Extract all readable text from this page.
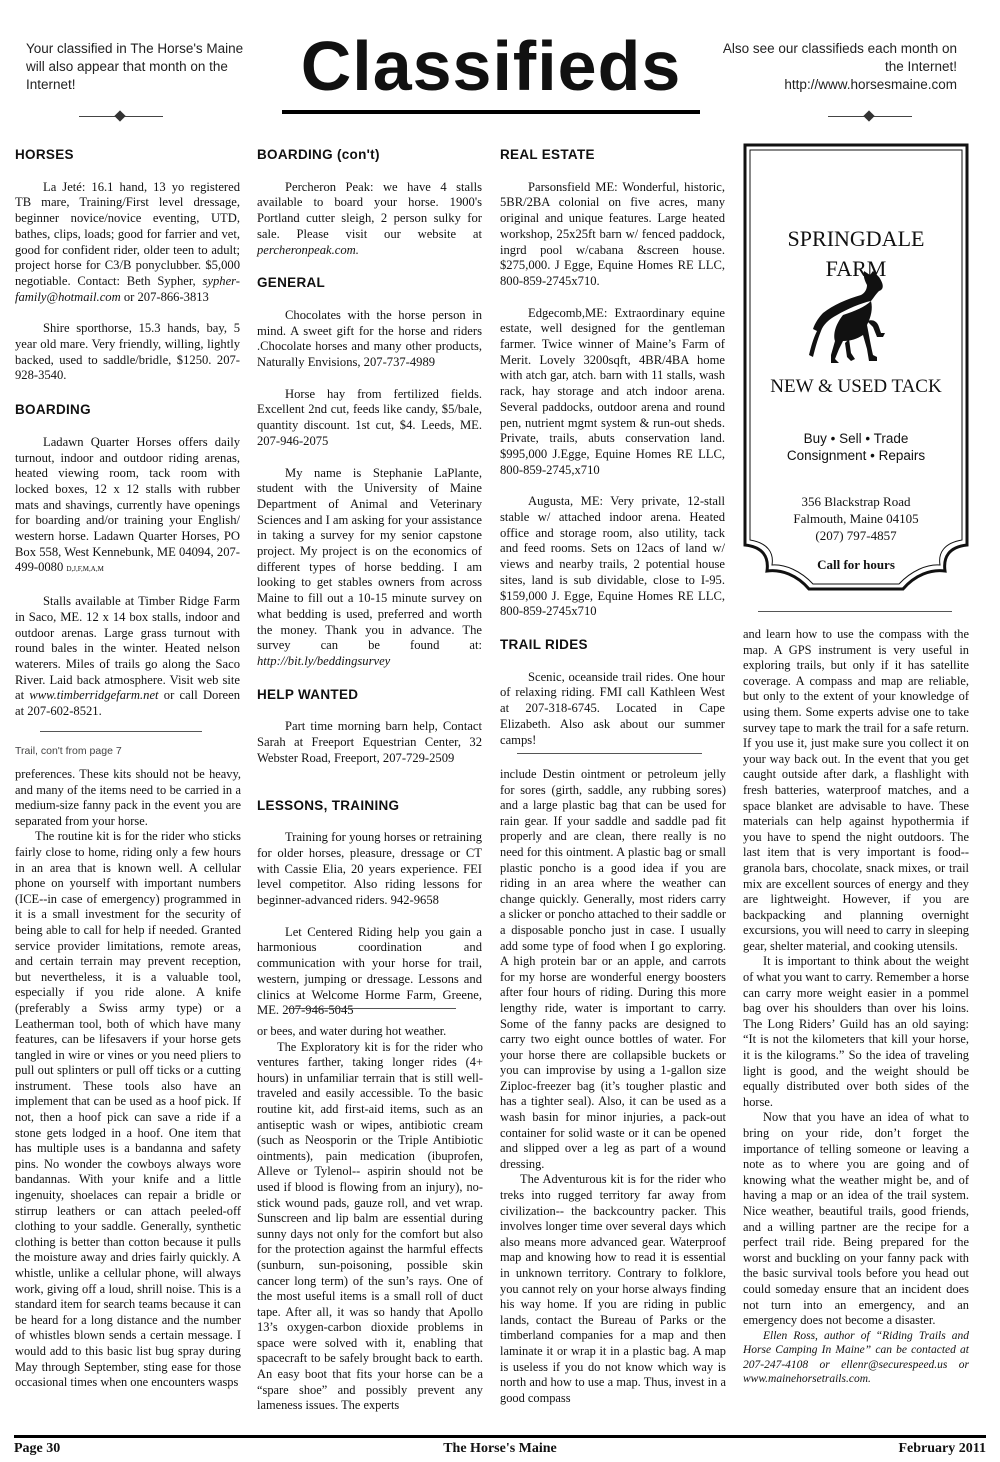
Your classified in The Horse's Maine will also appear that month on the Internet!	Classifieds	Also see our classifieds each month on the Internet!
http://www.horsesmaine.com
HORSES

La Jeté: 16.1 hand, 13 yo registered TB mare, Training/First level dressage, beginner novice/novice eventing, UTD, bathes, clips, loads; good for farrier and vet, good for confident rider, older teen to adult; project horse for C3/B ponyclubber. $5,000 negotiable. Contact: Beth Sypher, sypher-family@hotmail.com or 207-866-3813

Shire sporthorse, 15.3 hands, bay, 5 year old mare. Very friendly, willing, lightly backed, used to saddle/bridle, $1250. 207-928-3540.

BOARDING

Ladawn Quarter Horses offers daily turnout, indoor and outdoor riding arenas, heated viewing room, tack room with locked boxes, 12 x 12 stalls with rubber mats and shavings, currently have openings for boarding and/or training your English/ western horse. Ladawn Quarter Horses, PO Box 558, West Kennebunk, ME 04094, 207-499-0080 D,J,F,M,A,M

Stalls available at Timber Ridge Farm in Saco, ME. 12 x 14 box stalls, indoor and outdoor arenas. Large grass turnout with round bales in the winter. Heated nelson waterers. Miles of trails go along the Saco River. Laid back atmosphere. Visit web site at www.timberridgefarm.net or call Doreen at 207-602-8521.

Trail, con't from page 7
BOARDING (con't)

Percheron Peak: we have 4 stalls available to board your horse. 1900's Portland cutter sleigh, 2 person sulky for sale. Please visit our website at percheronpeak.com.

GENERAL

Chocolates with the horse person in mind. A sweet gift for the horse and riders .Chocolate horses and many other products, Naturally Envisions, 207-737-4989

Horse hay from fertilized fields. Excellent 2nd cut, feeds like candy, $5/bale, quantity discount. 1st cut, $4. Leeds, ME. 207-946-2075

My name is Stephanie LaPlante, student with the University of Maine Department of Animal and Veterinary Sciences and I am asking for your assistance in taking a survey for my senior capstone project. My project is on the economics of different types of horse bedding. I am looking to get stables owners from across Maine to fill out a 10-15 minute survey on what bedding is used, preferred and worth the money. Thank you in advance. The survey can be found at: http://bit.ly/beddingsurvey

HELP WANTED

Part time morning barn help, Contact Sarah at Freeport Equestrian Center, 32 Webster Road, Freeport, 207-729-2509

LESSONS, TRAINING

Training for young horses or retraining for older horses, pleasure, dressage or CT with Cassie Elia, 20 years experience. FEI level competitor. Also riding lessons for beginner-advanced riders. 942-9658

Let Centered Riding help you gain a harmonious coordination and communication with your horse for trail, western, jumping or dressage. Lessons and clinics at Welcome Horme Farm, Greene, ME. 207-946-5045

REAL ESTATE

Parsonsfield ME: Wonderful, historic, 5BR/2BA colonial on five acres, many original and unique features. Large heated workshop, 25x25ft barn w/ fenced paddock, ingrd pool w/cabana &screen house. $275,000. J Egge, Equine Homes RE LLC, 800-859-2745x710.

Edgecomb,ME: Extraordinary equine estate, well designed for the gentleman farmer. Twice winner of Maine’s Farm of Merit. Lovely 3200sqft, 4BR/4BA home with atch gar, atch. barn with 11 stalls, wash rack, hay storage and atch indoor arena. Several paddocks, outdoor arena and round pen, nutrient mgmt system & run-out sheds. Private, trails, abuts conservation land. $995,000 J.Egge, Equine Homes RE LLC, 800-859-2745,x710

Augusta, ME: Very private, 12-stall stable w/ attached indoor arena. Heated office and storage room, also utility, tack and feed rooms. Sets on 12acs of land w/ views and nearby trails, 2 potential house sites, land is sub dividable, close to I-95. $159,000 J. Egge, Equine Homes RE LLC, 800-859-2745x710

TRAIL RIDES

Scenic, oceanside trail rides. One hour of relaxing riding. FMI call Kathleen West at 207-318-6745. Located in Cape Elizabeth. Also ask about our summer camps!

SPRINGDALE
FARM
NEW & USED TACK
Buy • Sell • Trade
Consignment • Repairs
356 Blackstrap Road
Falmouth, Maine 04105
(207) 797-4857
Call for hours

preferences. These kits should not be heavy, and many of the items need to be carried in a medium-size fanny pack in the event you are separated from your horse.

The routine kit is for the rider who sticks fairly close to home, riding only a few hours in an area that is known well. A cellular phone on yourself with important numbers (ICE--in case of emergency) programmed in it is a small investment for the security of being able to call for help if needed. Granted service provider limitations, remote areas, and certain terrain may prevent reception, but nevertheless, it is a valuable tool, especially if you ride alone. A knife (preferably a Swiss army type) or a Leatherman tool, both of which have many features, can be lifesavers if your horse gets tangled in wire or vines or you need pliers to pull out splinters or pull off ticks or a cutting instrument. These tools also have an implement that can be used as a hoof pick. If not, then a hoof pick can save a ride if a stone gets lodged in a hoof. One item that has multiple uses is a bandanna and safety pins. No wonder the cowboys always wore bandannas. With your knife and a little ingenuity, shoelaces can repair a bridle or stirrup leathers or can attach peeled-off clothing to your saddle. Generally, synthetic clothing is better than cotton because it pulls the moisture away and dries fairly quickly. A whistle, unlike a cellular phone, will always work, giving off a loud, shrill noise. This is a standard item for search teams because it can be heard for a long distance and the number of whistles blown sends a certain message. I would add to this basic list bug spray during May through September, sting ease for those occasional times when one encounters wasps

or bees, and water during hot weather.

The Exploratory kit is for the rider who ventures farther, taking longer rides (4+ hours) in unfamiliar terrain that is still well-traveled and easily accessible. To the basic routine kit, add first-aid items, such as an antiseptic wash or wipes, antibiotic cream (such as Neosporin or the Triple Antibiotic ointments), pain medication (ibuprofen, Alleve or Tylenol-- aspirin should not be used if blood is flowing from an injury), no-stick wound pads, gauze roll, and vet wrap. Sunscreen and lip balm are essential during sunny days not only for the comfort but also for the protection against the harmful effects (sunburn, sun-poisoning, possible skin cancer long term) of the sun’s rays. One of the most useful items is a small roll of duct tape. After all, it was so handy that Apollo 13’s oxygen-carbon dioxide problems in space were solved with it, enabling that spacecraft to be safely brought back to earth. An easy boot that fits your horse can be a “spare shoe” and possibly prevent any lameness issues. The experts

include Destin ointment or petroleum jelly for sores (girth, saddle, any rubbing sores) and a large plastic bag that can be used for rain gear. If your saddle and saddle pad fit properly and are clean, there really is no need for this ointment. A plastic bag or small plastic poncho is a good idea if you are riding in an area where the weather can change quickly. Generally, most riders carry a slicker or poncho attached to their saddle or a disposable poncho just in case. I usually add some type of food when I go exploring. A high protein bar or an apple, and carrots for my horse are wonderful energy boosters after four hours of riding. During this more lengthy ride, water is important to carry. Some of the fanny packs are designed to carry two eight ounce bottles of water. For your horse there are collapsible buckets or you can improvise by using a 1-gallon size Ziploc-freezer bag (it’s tougher plastic and has a tighter seal). Also, it can be used as a wash basin for minor injuries, a pack-out container for solid waste or it can be opened and slipped over a leg as part of a wound dressing.

The Adventurous kit is for the rider who treks into rugged territory far away from civilization-- the backcountry packer. This involves longer time over several days which also means more advanced gear. Waterproof map and knowing how to read it is essential in unknown territory. Contrary to folklore, you cannot rely on your horse always finding his way home. If you are riding in public lands, contact the Bureau of Parks or the timberland companies for a map and then laminate it or wrap it in a plastic bag. A map is useless if you do not know which way is north and how to use a map. Thus, invest in a good compass

and learn how to use the compass with the map. A GPS instrument is very useful in exploring trails, but only if it has satellite coverage. A compass and map are reliable, but only to the extent of your knowledge of using them. Some experts advise one to take survey tape to mark the trail for a safe return. If you use it, just make sure you collect it on your way back out. In the event that you get caught outside after dark, a flashlight with fresh batteries, waterproof matches, and a space blanket are advisable to have. These materials can help against hypothermia if you have to spend the night outdoors. The last item that is very important is food-- granola bars, chocolate, snack mixes, or trail mix are excellent sources of energy and they are lightweight. However, if you are backpacking and planning overnight excursions, you will need to carry in sleeping gear, shelter material, and cooking utensils.

It is important to think about the weight of what you want to carry. Remember a horse can carry more weight easier in a pommel bag over his shoulders than over his loins. The Long Riders’ Guild has an old saying: “It is not the kilometers that kill your horse, it is the kilograms.” So the idea of traveling light is good, and the weight should be equally distributed over both sides of the horse.

Now that you have an idea of what to bring on your ride, don’t forget the importance of telling someone or leaving a note as to where you are going and of knowing what the weather might be, and of having a map or an idea of the trail system. Nice weather, beautiful trails, good friends, and a willing partner are the recipe for a perfect trail ride. Being prepared for the worst and buckling on your fanny pack with the basic survival tools before you head out could someday ensure that an incident does not turn into an emergency, and an emergency does not become a disaster.

Ellen Ross, author of “Riding Trails and Horse Camping In Maine” can be contacted at 207-247-4108 or ellenr@securespeed.us or www.mainehorsetrails.com.

Page 30	The Horse's Maine	February 2011
